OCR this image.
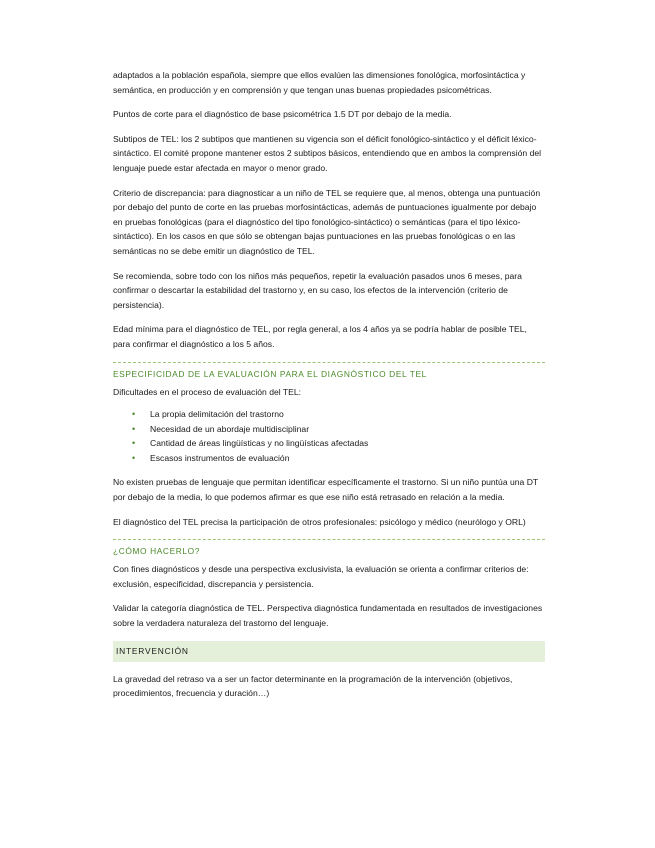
adaptados a la población española, siempre que ellos evalúen las dimensiones fonológica, morfosintáctica y semántica, en producción y en comprensión y que tengan unas buenas propiedades psicométricas.

Puntos de corte para el diagnóstico de base psicométrica 1.5 DT por debajo de la media.

Subtipos de TEL: los 2 subtipos que mantienen su vigencia son el déficit fonológico-sintáctico y el déficit léxico-sintáctico. El comité propone mantener estos 2 subtipos básicos, entendiendo que en ambos la comprensión del lenguaje puede estar afectada en mayor o menor grado.

Criterio de discrepancia: para diagnosticar a un niño de TEL se requiere que, al menos, obtenga una puntuación por debajo del punto de corte en las pruebas morfosintácticas, además de puntuaciones igualmente por debajo en pruebas fonológicas (para el diagnóstico del tipo fonológico-sintáctico) o semánticas (para el tipo léxico-sintáctico). En los casos en que sólo se obtengan bajas puntuaciones en las pruebas fonológicas o en las semánticas no se debe emitir un diagnóstico de TEL.

Se recomienda, sobre todo con los niños más pequeños, repetir la evaluación pasados unos 6 meses, para confirmar o descartar la estabilidad del trastorno y, en su caso, los efectos de la intervención (criterio de persistencia).

Edad mínima para el diagnóstico de TEL, por regla general, a los 4 años ya se podría hablar de posible TEL, para confirmar el diagnóstico a los 5 años.

ESPECIFICIDAD DE LA EVALUACIÓN PARA EL DIAGNÓSTICO DEL TEL

Dificultades en el proceso de evaluación del TEL:

• La propia delimitación del trastorno
• Necesidad de un abordaje multidisciplinar
• Cantidad de áreas lingüísticas y no lingüísticas afectadas
• Escasos instrumentos de evaluación

No existen pruebas de lenguaje que permitan identificar específicamente el trastorno. Si un niño puntúa una DT por debajo de la media, lo que podemos afirmar es que ese niño está retrasado en relación a la media.

El diagnóstico del TEL precisa la participación de otros profesionales: psicólogo y médico (neurólogo y ORL)

¿CÓMO HACERLO?

Con fines diagnósticos y desde una perspectiva exclusivista, la evaluación se orienta a confirmar criterios de: exclusión, especificidad, discrepancia y persistencia.

Validar la categoría diagnóstica de TEL. Perspectiva diagnóstica fundamentada en resultados de investigaciones sobre la verdadera naturaleza del trastorno del lenguaje.

INTERVENCIÓN

La gravedad del retraso va a ser un factor determinante en la programación de la intervención (objetivos, procedimientos, frecuencia y duración…)
